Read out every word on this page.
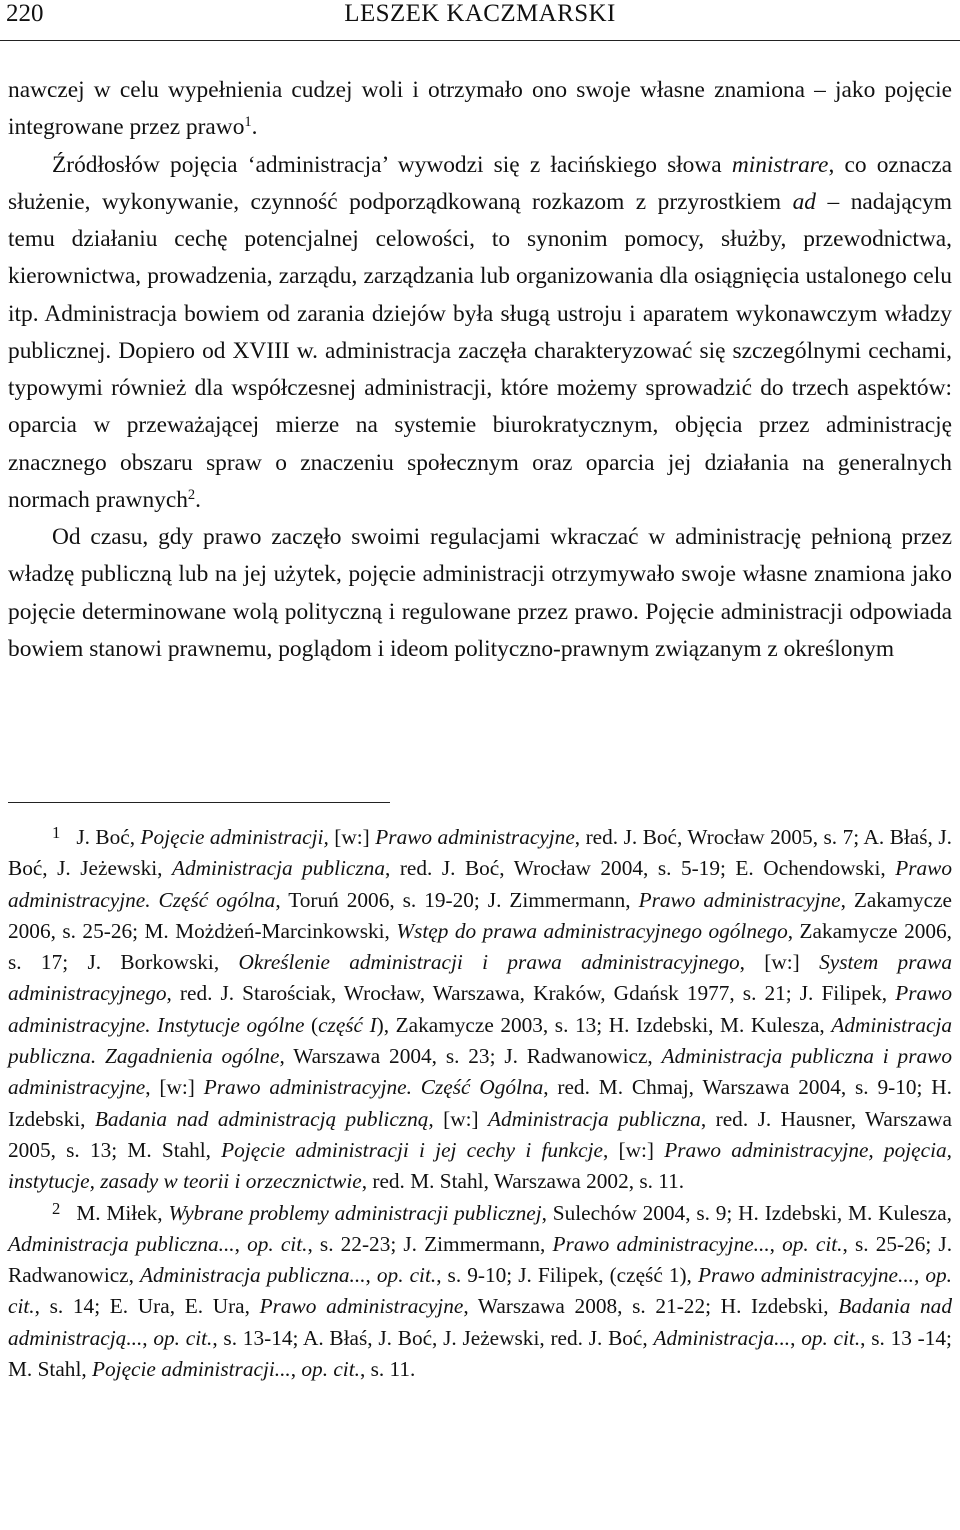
220	LESZEK KACZMARSKI

nawczej w celu wypełnienia cudzej woli i otrzymało ono swoje własne znamiona – jako pojęcie integrowane przez prawo$^1$.

Źródłosłów pojęcia ‘administracja’ wywodzi się z łacińskiego słowa ministrare, co oznacza służenie, wykonywanie, czynność podporządkowaną rozkazom z przyrostkiem ad – nadającym temu działaniu cechę potencjalnej celowości, to synonim pomocy, służby, przewodnictwa, kierownictwa, prowadzenia, zarządu, zarządzania lub organizowania dla osiągnięcia ustalonego celu itp. Administracja bowiem od zarania dziejów była sługą ustroju i aparatem wykonawczym władzy publicznej. Dopiero od XVIII w. administracja zaczęła charakteryzować się szczególnymi cechami, typowymi również dla współczesnej administracji, które możemy sprowadzić do trzech aspektów: oparcia w przeważającej mierze na systemie biurokratycznym, objęcia przez administrację znacznego obszaru spraw o znaczeniu społecznym oraz oparcia jej działania na generalnych normach prawnych$^2$.

Od czasu, gdy prawo zaczęło swoimi regulacjami wkraczać w administrację pełnioną przez władzę publiczną lub na jej użytek, pojęcie administracji otrzymywało swoje własne znamiona jako pojęcie determinowane wolą polityczną i regulowane przez prawo. Pojęcie administracji odpowiada bowiem stanowi prawnemu, poglądom i ideom polityczno-prawnym związanym z określonym

$^1$ J. Boć, Pojęcie administracji, [w:] Prawo administracyjne, red. J. Boć, Wrocław 2005, s. 7; A. Błaś, J. Boć, J. Jeżewski, Administracja publiczna, red. J. Boć, Wrocław 2004, s. 5-19; E. Ochendowski, Prawo administracyjne. Część ogólna, Toruń 2006, s. 19-20; J. Zimmermann, Prawo administracyjne, Zakamycze 2006, s. 25-26; M. Możdżeń-Marcinkowski, Wstęp do prawa administracyjnego ogólnego, Zakamycze 2006, s. 17; J. Borkowski, Określenie administracji i prawa administracyjnego, [w:] System prawa administracyjnego, red. J. Starościak, Wrocław, Warszawa, Kraków, Gdańsk 1977, s. 21; J. Filipek, Prawo administracyjne. Instytucje ogólne (część I), Zakamycze 2003, s. 13; H. Izdebski, M. Kulesza, Administracja publiczna. Zagadnienia ogólne, Warszawa 2004, s. 23; J. Radwanowicz, Administracja publiczna i prawo administracyjne, [w:] Prawo administracyjne. Część Ogólna, red. M. Chmaj, Warszawa 2004, s. 9-10; H. Izdebski, Badania nad administracją publiczną, [w:] Administracja publiczna, red. J. Hausner, Warszawa 2005, s. 13; M. Stahl, Pojęcie administracji i jej cechy i funkcje, [w:] Prawo administracyjne, pojęcia, instytucje, zasady w teorii i orzecznictwie, red. M. Stahl, Warszawa 2002, s. 11.

$^2$ M. Miłek, Wybrane problemy administracji publicznej, Sulechów 2004, s. 9; H. Izdebski, M. Kulesza, Administracja publiczna..., op. cit., s. 22-23; J. Zimmermann, Prawo administracyjne..., op. cit., s. 25-26; J. Radwanowicz, Administracja publiczna..., op. cit., s. 9-10; J. Filipek, (część 1), Prawo administracyjne..., op. cit., s. 14; E. Ura, E. Ura, Prawo administracyjne, Warszawa 2008, s. 21-22; H. Izdebski, Badania nad administracją..., op. cit., s. 13-14; A. Błaś, J. Boć, J. Jeżewski, red. J. Boć, Administracja..., op. cit., s. 13 -14; M. Stahl, Pojęcie administracji..., op. cit., s. 11.
